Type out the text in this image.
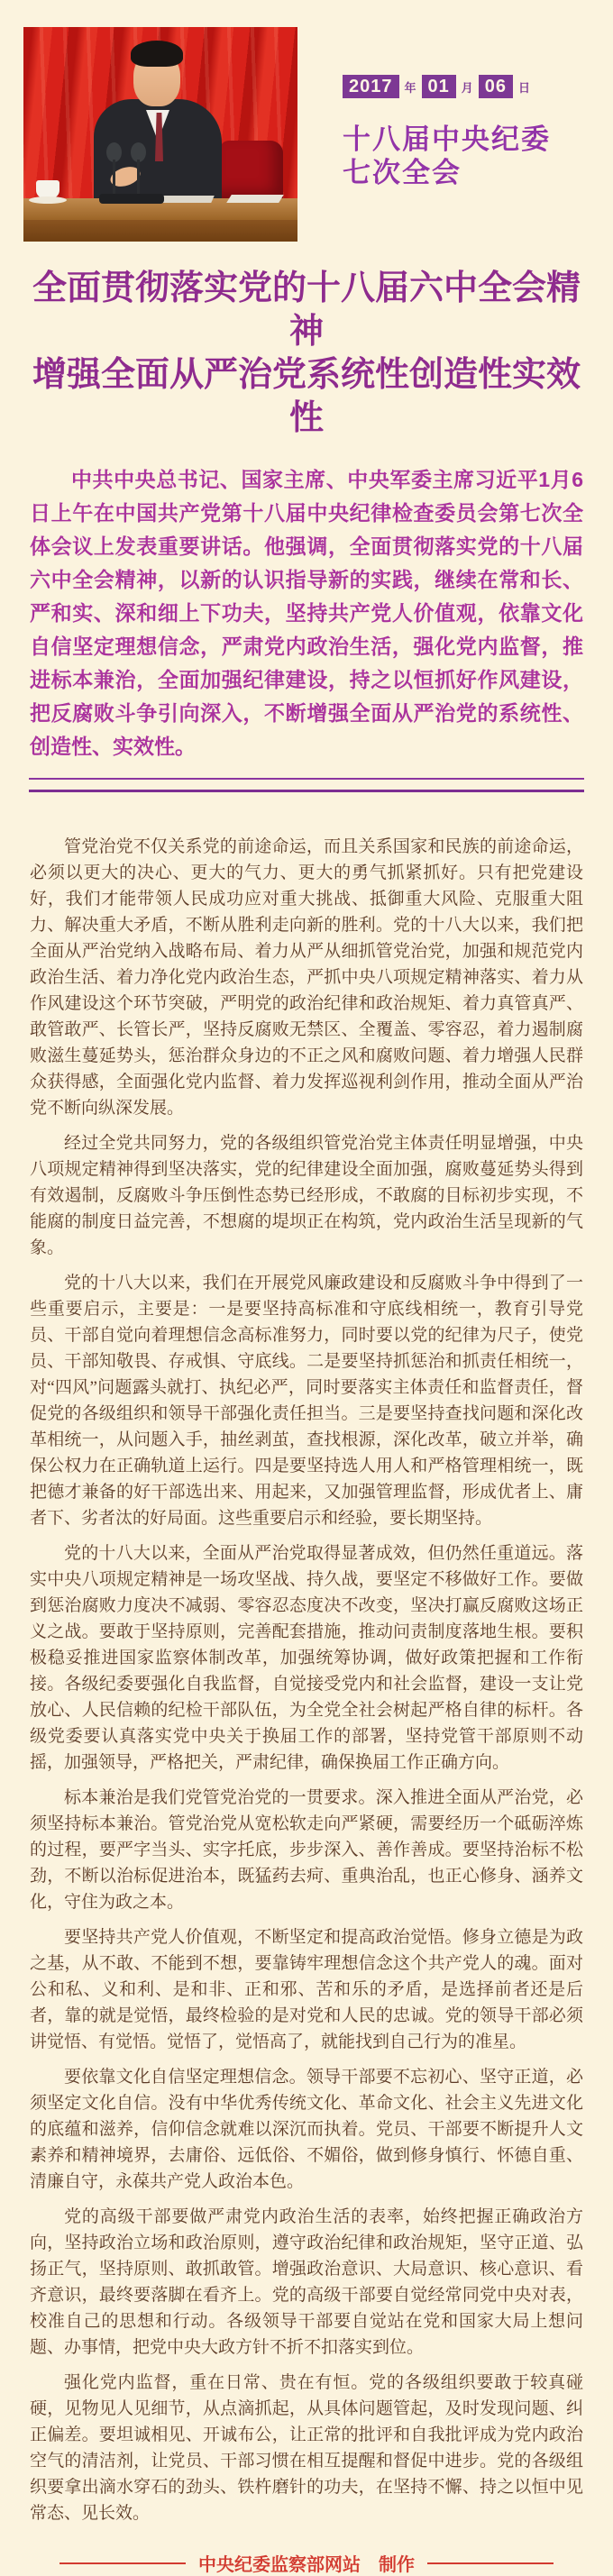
2017	年 01	月 06	日
十八届中央纪委
七次全会
全面贯彻落实党的十八届六中全会精神
增强全面从严治党系统性创造性实效性
中共中央总书记、国家主席、中央军委主席习近平1月6日上午在中国共产党第十八届中央纪律检查委员会第七次全体会议上发表重要讲话。他强调，全面贯彻落实党的十八届六中全会精神，以新的认识指导新的实践，继续在常和长、严和实、深和细上下功夫，坚持共产党人价值观，依靠文化自信坚定理想信念，严肃党内政治生活，强化党内监督，推进标本兼治，全面加强纪律建设，持之以恒抓好作风建设，把反腐败斗争引向深入，不断增强全面从严治党的系统性、创造性、实效性。

管党治党不仅关系党的前途命运，而且关系国家和民族的前途命运，必须以更大的决心、更大的气力、更大的勇气抓紧抓好。只有把党建设好，我们才能带领人民成功应对重大挑战、抵御重大风险、克服重大阻力、解决重大矛盾，不断从胜利走向新的胜利。党的十八大以来，我们把全面从严治党纳入战略布局、着力从严从细抓管党治党，加强和规范党内政治生活、着力净化党内政治生态，严抓中央八项规定精神落实、着力从作风建设这个环节突破，严明党的政治纪律和政治规矩、着力真管真严、敢管敢严、长管长严，坚持反腐败无禁区、全覆盖、零容忍，着力遏制腐败滋生蔓延势头，惩治群众身边的不正之风和腐败问题、着力增强人民群众获得感，全面强化党内监督、着力发挥巡视利剑作用，推动全面从严治党不断向纵深发展。

经过全党共同努力，党的各级组织管党治党主体责任明显增强，中央八项规定精神得到坚决落实，党的纪律建设全面加强，腐败蔓延势头得到有效遏制，反腐败斗争压倒性态势已经形成，不敢腐的目标初步实现，不能腐的制度日益完善，不想腐的堤坝正在构筑，党内政治生活呈现新的气象。

党的十八大以来，我们在开展党风廉政建设和反腐败斗争中得到了一些重要启示，主要是：一是要坚持高标准和守底线相统一，教育引导党员、干部自觉向着理想信念高标准努力，同时要以党的纪律为尺子，使党员、干部知敬畏、存戒惧、守底线。二是要坚持抓惩治和抓责任相统一，对“四风”问题露头就打、执纪必严，同时要落实主体责任和监督责任，督促党的各级组织和领导干部强化责任担当。三是要坚持查找问题和深化改革相统一，从问题入手，抽丝剥茧，查找根源，深化改革，破立并举，确保公权力在正确轨道上运行。四是要坚持选人用人和严格管理相统一，既把德才兼备的好干部选出来、用起来，又加强管理监督，形成优者上、庸者下、劣者汰的好局面。这些重要启示和经验，要长期坚持。

党的十八大以来，全面从严治党取得显著成效，但仍然任重道远。落实中央八项规定精神是一场攻坚战、持久战，要坚定不移做好工作。要做到惩治腐败力度决不减弱、零容忍态度决不改变，坚决打赢反腐败这场正义之战。要敢于坚持原则，完善配套措施，推动问责制度落地生根。要积极稳妥推进国家监察体制改革，加强统筹协调，做好政策把握和工作衔接。各级纪委要强化自我监督，自觉接受党内和社会监督，建设一支让党放心、人民信赖的纪检干部队伍，为全党全社会树起严格自律的标杆。各级党委要认真落实党中央关于换届工作的部署，坚持党管干部原则不动摇，加强领导，严格把关，严肃纪律，确保换届工作正确方向。

标本兼治是我们党管党治党的一贯要求。深入推进全面从严治党，必须坚持标本兼治。管党治党从宽松软走向严紧硬，需要经历一个砥砺淬炼的过程，要严字当头、实字托底，步步深入、善作善成。要坚持治标不松劲，不断以治标促进治本，既猛药去疴、重典治乱，也正心修身、涵养文化，守住为政之本。

要坚持共产党人价值观，不断坚定和提高政治觉悟。修身立德是为政之基，从不敢、不能到不想，要靠铸牢理想信念这个共产党人的魂。面对公和私、义和利、是和非、正和邪、苦和乐的矛盾，是选择前者还是后者，靠的就是觉悟，最终检验的是对党和人民的忠诚。党的领导干部必须讲觉悟、有觉悟。觉悟了，觉悟高了，就能找到自己行为的准星。

要依靠文化自信坚定理想信念。领导干部要不忘初心、坚守正道，必须坚定文化自信。没有中华优秀传统文化、革命文化、社会主义先进文化的底蕴和滋养，信仰信念就难以深沉而执着。党员、干部要不断提升人文素养和精神境界，去庸俗、远低俗、不媚俗，做到修身慎行、怀德自重、清廉自守，永葆共产党人政治本色。

党的高级干部要做严肃党内政治生活的表率，始终把握正确政治方向，坚持政治立场和政治原则，遵守政治纪律和政治规矩，坚守正道、弘扬正气，坚持原则、敢抓敢管。增强政治意识、大局意识、核心意识、看齐意识，最终要落脚在看齐上。党的高级干部要自觉经常同党中央对表，校准自己的思想和行动。各级领导干部要自觉站在党和国家大局上想问题、办事情，把党中央大政方针不折不扣落实到位。

强化党内监督，重在日常、贵在有恒。党的各级组织要敢于较真碰硬，见物见人见细节，从点滴抓起，从具体问题管起，及时发现问题、纠正偏差。要坦诚相见、开诚布公，让正常的批评和自我批评成为党内政治空气的清洁剂，让党员、干部习惯在相互提醒和督促中进步。党的各级组织要拿出滴水穿石的劲头、铁杵磨针的功夫，在坚持不懈、持之以恒中见常态、见长效。

中央纪委监察部网站　制作
